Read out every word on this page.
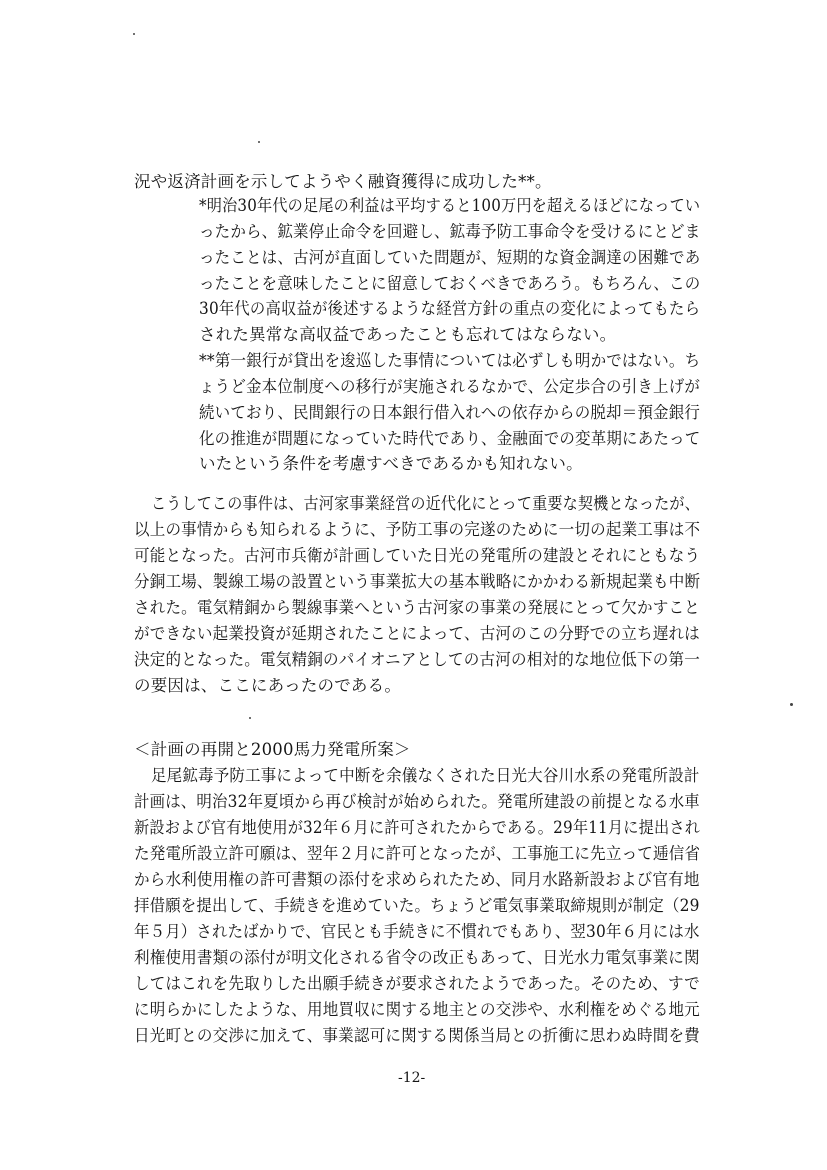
況や返済計画を示してようやく融資獲得に成功した**。
*明治30年代の足尾の利益は平均すると100万円を超えるほどになってい
ったから、鉱業停止命令を回避し、鉱毒予防工事命令を受けるにとどま
ったことは、古河が直面していた問題が、短期的な資金調達の困難であ
ったことを意味したことに留意しておくべきであろう。もちろん、この
30年代の高収益が後述するような経営方針の重点の変化によってもたら
された異常な高収益であったことも忘れてはならない。
**第一銀行が貸出を逡巡した事情については必ずしも明かではない。ち
ょうど金本位制度への移行が実施されるなかで、公定歩合の引き上げが
続いており、民間銀行の日本銀行借入れへの依存からの脱却＝預金銀行
化の推進が問題になっていた時代であり、金融面での変革期にあたって
いたという条件を考慮すべきであるかも知れない。
こうしてこの事件は、古河家事業経営の近代化にとって重要な契機となったが、
以上の事情からも知られるように、予防工事の完遂のために一切の起業工事は不
可能となった。古河市兵衛が計画していた日光の発電所の建設とそれにともなう
分銅工場、製線工場の設置という事業拡大の基本戦略にかかわる新規起業も中断
された。電気精銅から製線事業へという古河家の事業の発展にとって欠かすこと
ができない起業投資が延期されたことによって、古河のこの分野での立ち遅れは
決定的となった。電気精銅のパイオニアとしての古河の相対的な地位低下の第一
の要因は、ここにあったのである。
＜計画の再開と2000馬力発電所案＞
足尾鉱毒予防工事によって中断を余儀なくされた日光大谷川水系の発電所設計
計画は、明治32年夏頃から再び検討が始められた。発電所建設の前提となる水車
新設および官有地使用が32年６月に許可されたからである。29年11月に提出され
た発電所設立許可願は、翌年２月に許可となったが、工事施工に先立って逓信省
から水利使用権の許可書類の添付を求められたため、同月水路新設および官有地
拝借願を提出して、手続きを進めていた。ちょうど電気事業取締規則が制定（29
年５月）されたばかりで、官民とも手続きに不慣れでもあり、翌30年６月には水
利権使用書類の添付が明文化される省令の改正もあって、日光水力電気事業に関
してはこれを先取りした出願手続きが要求されたようであった。そのため、すで
に明らかにしたような、用地買収に関する地主との交渉や、水利権をめぐる地元
日光町との交渉に加えて、事業認可に関する関係当局との折衝に思わぬ時間を費
-12-
